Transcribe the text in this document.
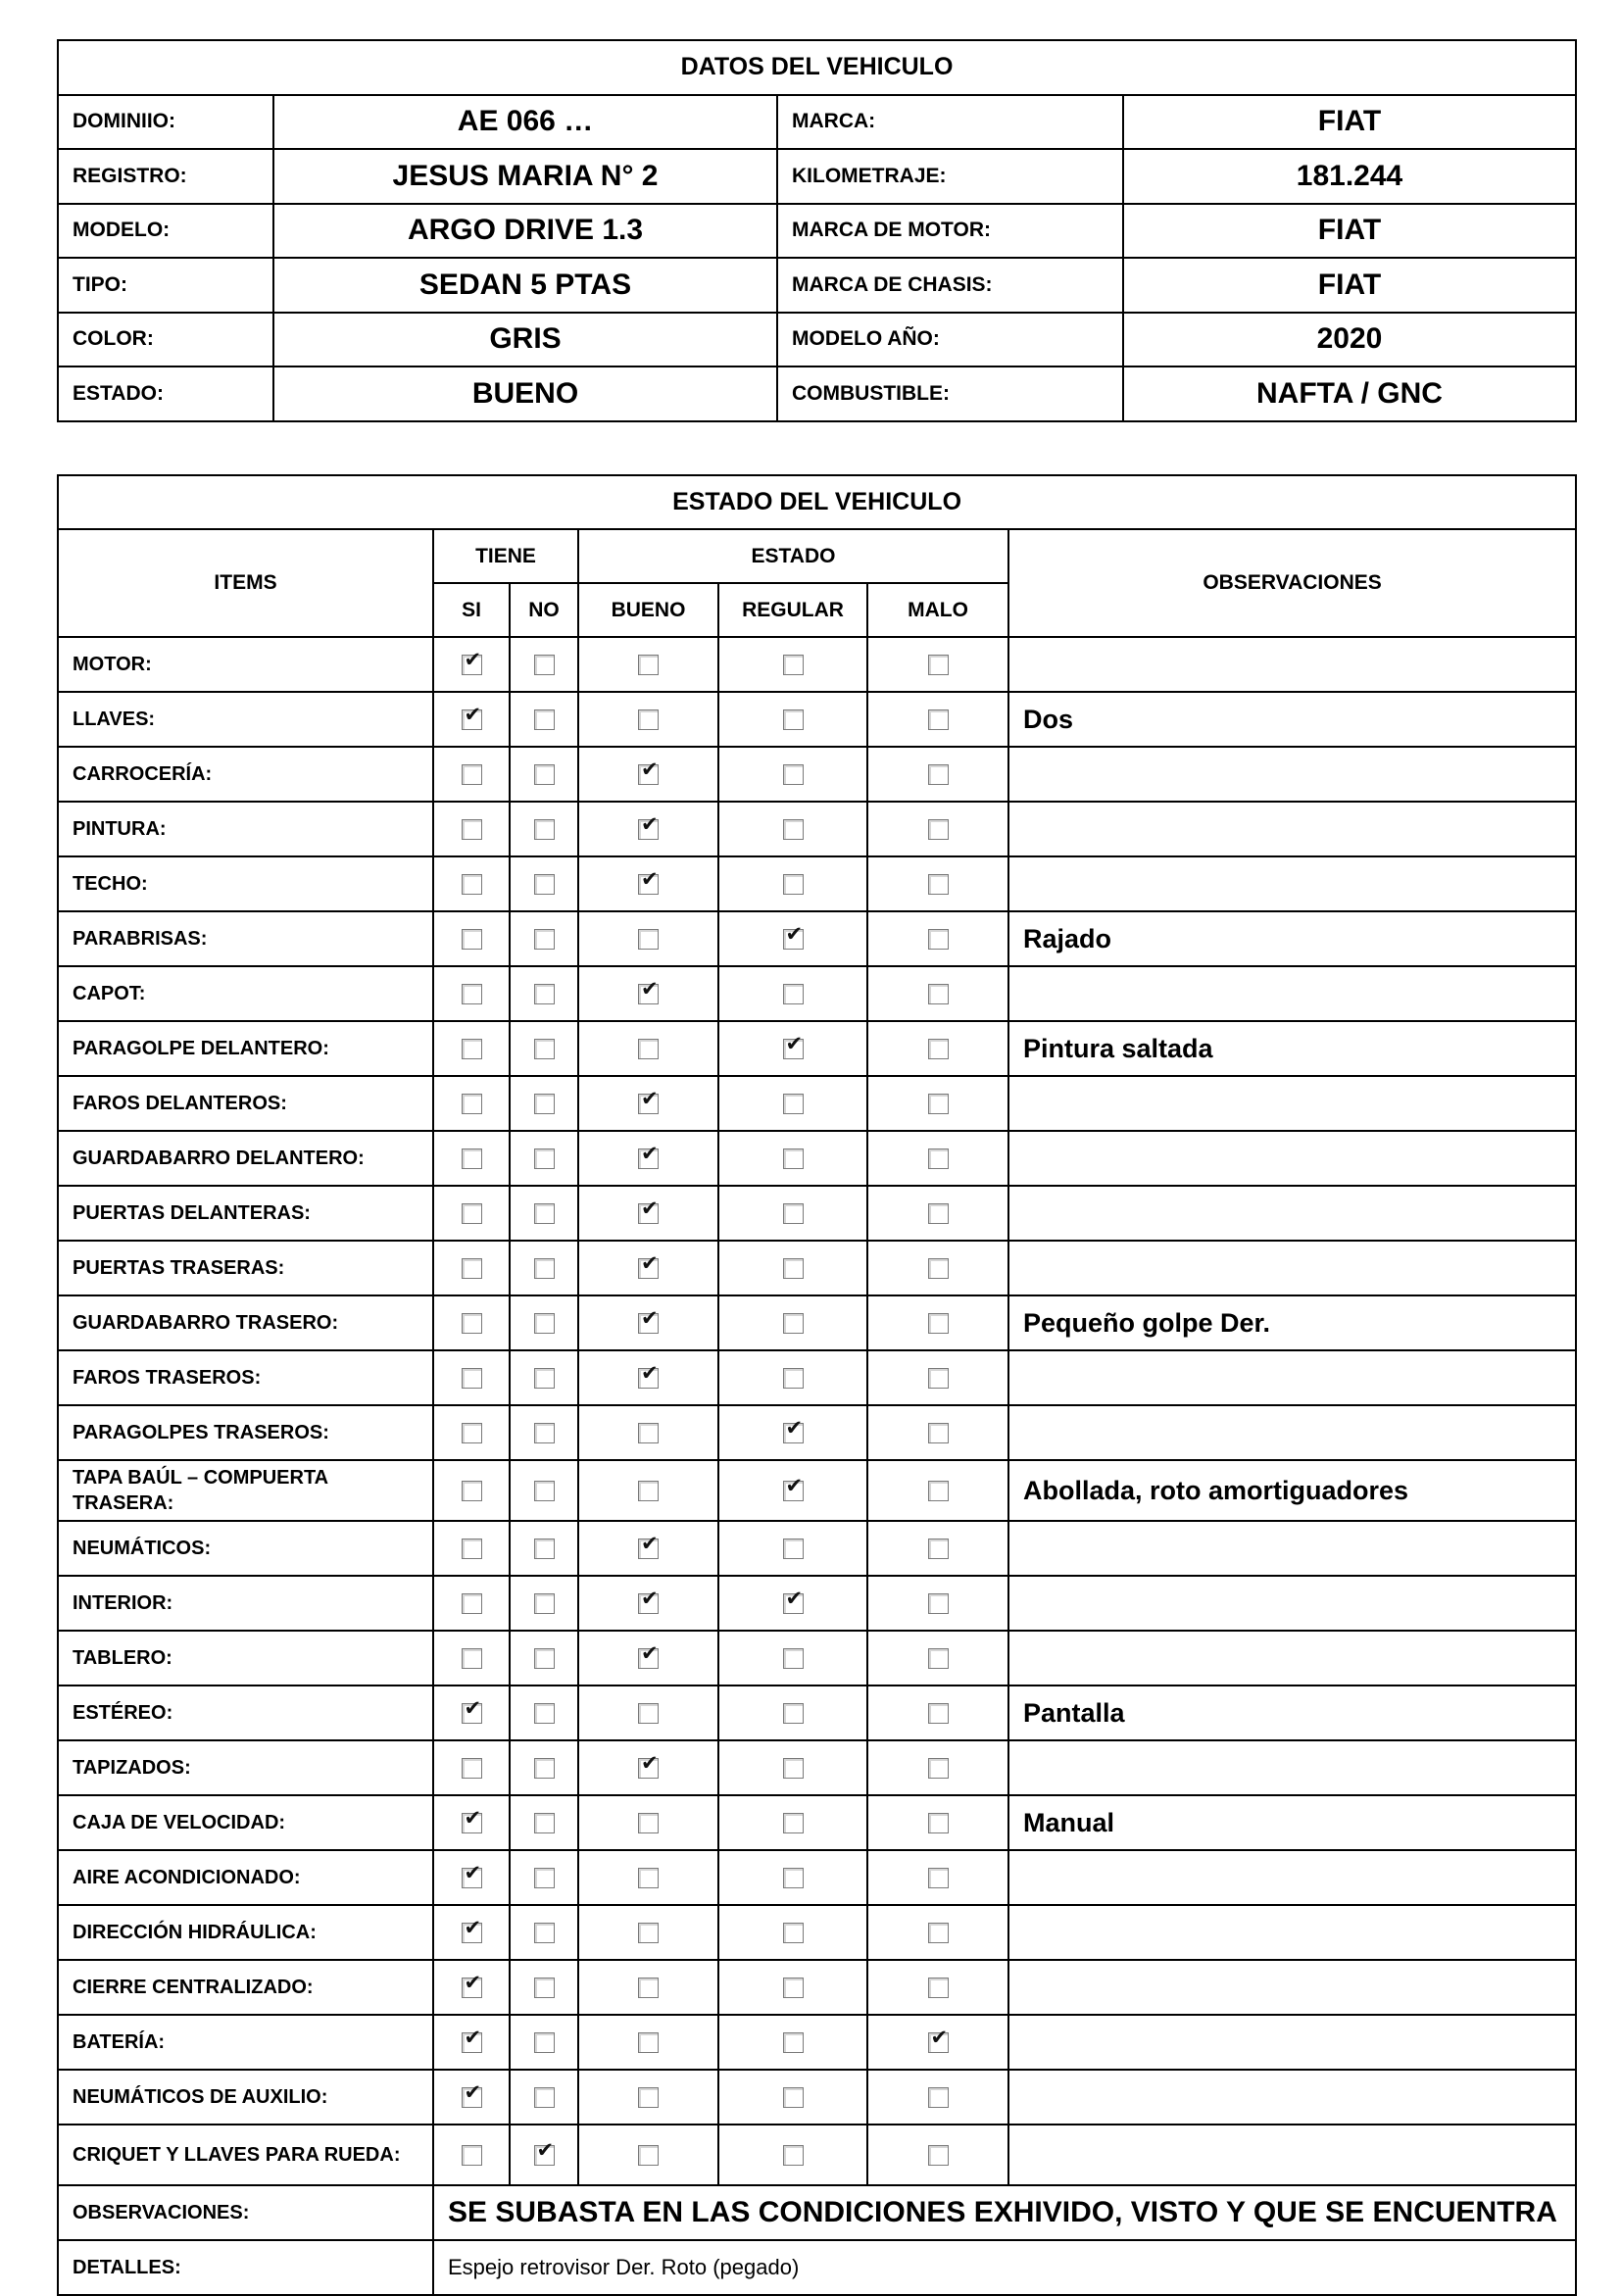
DATOS DEL VEHICULO			
DOMINIIO:	AE 066 …	MARCA:	FIAT
REGISTRO:	JESUS MARIA N° 2	KILOMETRAJE:	181.244
MODELO:	ARGO DRIVE 1.3	MARCA DE MOTOR:	FIAT
TIPO:	SEDAN 5 PTAS	MARCA DE CHASIS:	FIAT
COLOR:	GRIS	MODELO AÑO:	2020
ESTADO:	BUENO	COMBUSTIBLE:	NAFTA / GNC
ESTADO DEL VEHICULO						
ITEMS	TIENE		ESTADO			OBSERVACIONES
	SI	NO	BUENO	REGULAR	MALO	
MOTOR:	✔					
LLAVES:	✔					Dos
CARROCERÍA:			✔			
PINTURA:			✔			
TECHO:			✔			
PARABRISAS:				✔		Rajado
CAPOT:			✔			
PARAGOLPE DELANTERO:				✔		Pintura saltada
FAROS DELANTEROS:			✔			
GUARDABARRO DELANTERO:			✔			
PUERTAS DELANTERAS:			✔			
PUERTAS TRASERAS:			✔			
GUARDABARRO TRASERO:			✔			Pequeño golpe Der.
FAROS TRASEROS:			✔			
PARAGOLPES TRASEROS:				✔		
TAPA BAÚL – COMPUERTA TRASERA:				✔		Abollada, roto amortiguadores
NEUMÁTICOS:			✔			
INTERIOR:			✔	✔		
TABLERO:			✔			
ESTÉREO:	✔					Pantalla
TAPIZADOS:			✔			
CAJA DE VELOCIDAD:	✔					Manual
AIRE ACONDICIONADO:	✔					
DIRECCIÓN HIDRÁULICA:	✔					
CIERRE CENTRALIZADO:	✔					
BATERÍA:	✔				✔	
NEUMÁTICOS DE AUXILIO:	✔					
CRIQUET Y LLAVES PARA RUEDA:		✔				
OBSERVACIONES:	SE SUBASTA EN LAS CONDICIONES EXHIVIDO, VISTO Y QUE SE ENCUENTRA					
DETALLES:	Espejo retrovisor Der. Roto (pegado)					
